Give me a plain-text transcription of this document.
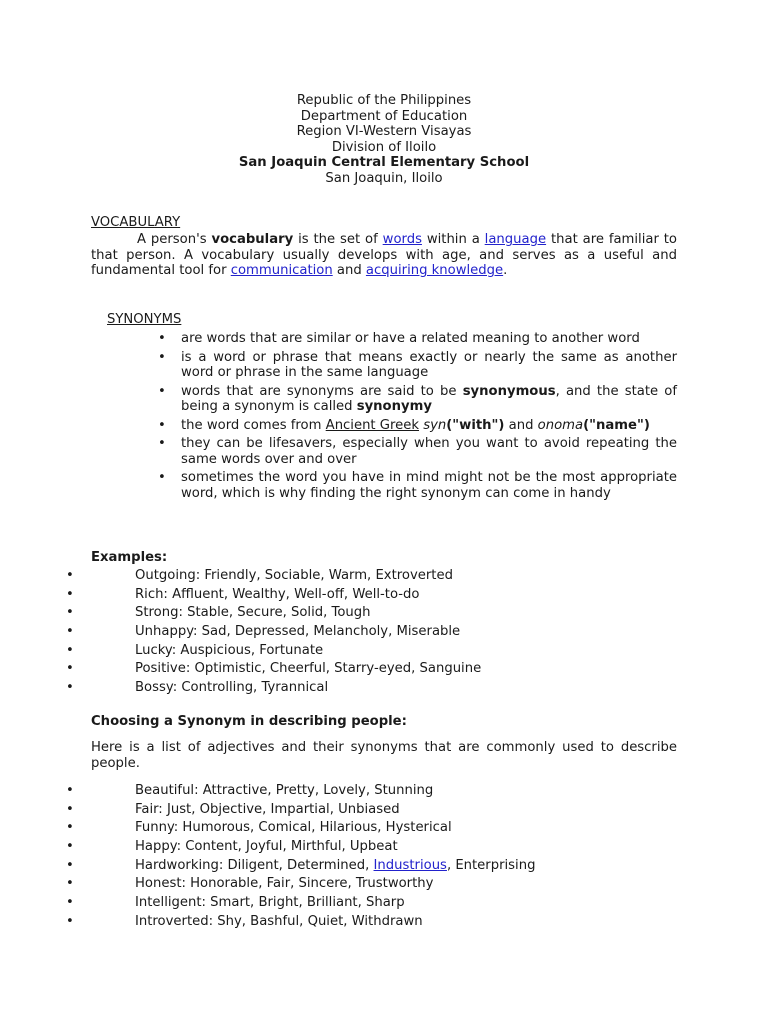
Republic of the Philippines
Department of Education
Region VI-Western Visayas
Division of Iloilo
San Joaquin Central Elementary School
San Joaquin, Iloilo
VOCABULARY
A person's vocabulary is the set of words within a language that are familiar to that person. A vocabulary usually develops with age, and serves as a useful and fundamental tool for communication and acquiring knowledge.
SYNONYMS
• are words that are similar or have a related meaning to another word
• is a word or phrase that means exactly or nearly the same as another word or phrase in the same language
• words that are synonyms are said to be synonymous, and the state of being a synonym is called synonymy
• the word comes from Ancient Greek syn("with") and onoma("name")
• they can be lifesavers, especially when you want to avoid repeating the same words over and over
• sometimes the word you have in mind might not be the most appropriate word, which is why finding the right synonym can come in handy
Examples:
•	Outgoing: Friendly, Sociable, Warm, Extroverted
•	Rich: Affluent, Wealthy, Well-off, Well-to-do
•	Strong: Stable, Secure, Solid, Tough
•	Unhappy: Sad, Depressed, Melancholy, Miserable
•	Lucky: Auspicious, Fortunate
•	Positive: Optimistic, Cheerful, Starry-eyed, Sanguine
•	Bossy: Controlling, Tyrannical
Choosing a Synonym in describing people:
Here is a list of adjectives and their synonyms that are commonly used to describe people.
•	Beautiful: Attractive, Pretty, Lovely, Stunning
•	Fair: Just, Objective, Impartial, Unbiased
•	Funny: Humorous, Comical, Hilarious, Hysterical
•	Happy: Content, Joyful, Mirthful, Upbeat
•	Hardworking: Diligent, Determined, Industrious, Enterprising
•	Honest: Honorable, Fair, Sincere, Trustworthy
•	Intelligent: Smart, Bright, Brilliant, Sharp
•	Introverted: Shy, Bashful, Quiet, Withdrawn
